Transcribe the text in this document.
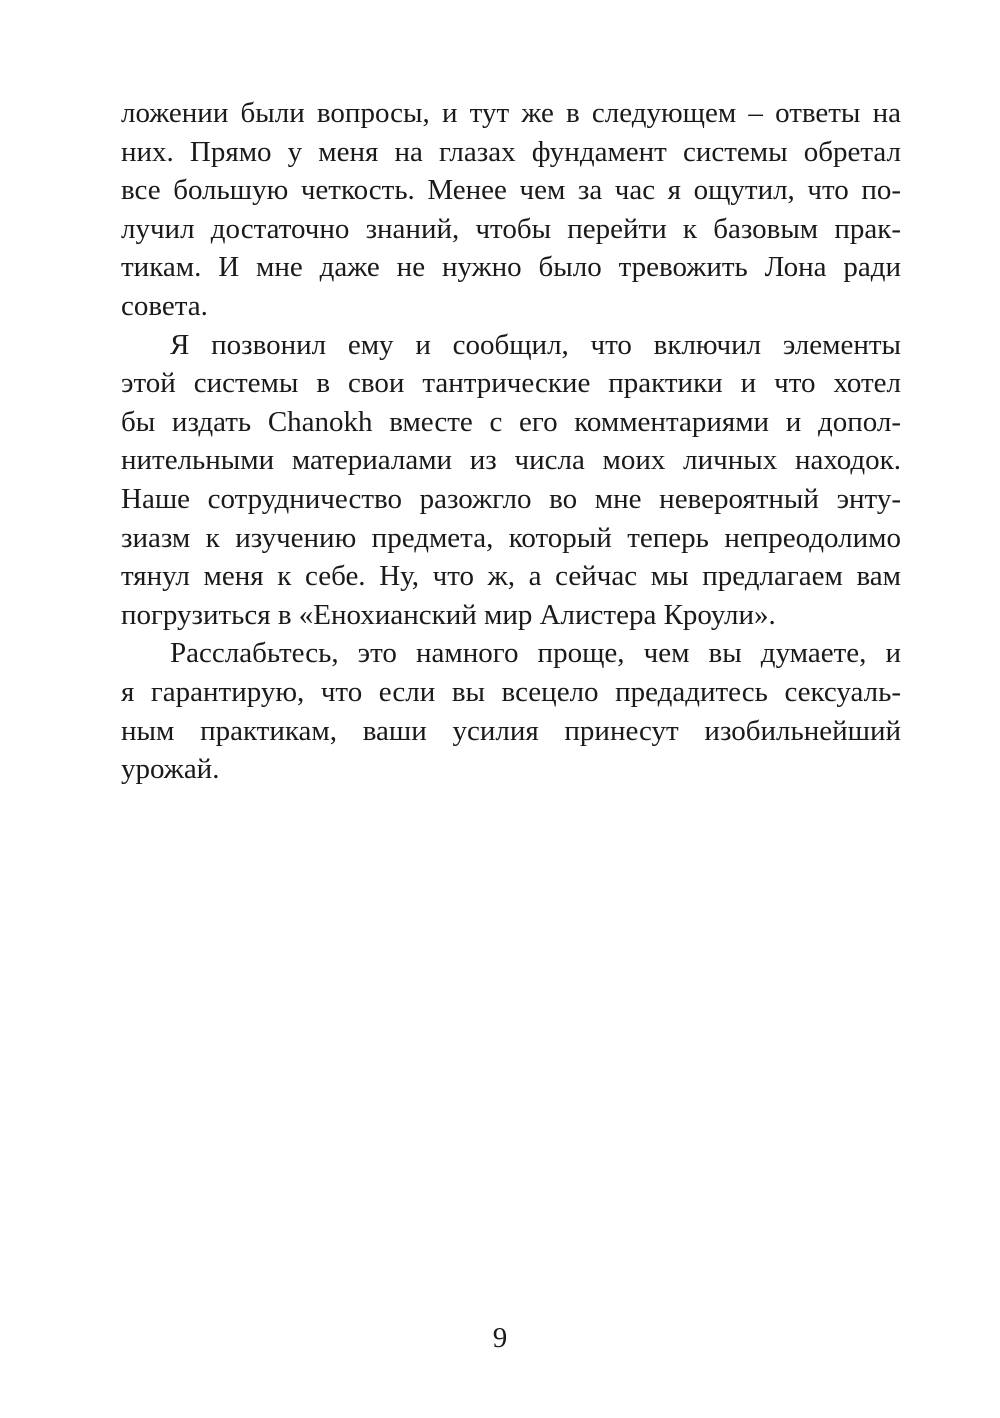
ложении были вопросы, и тут же в следующем – ответы на
них. Прямо у меня на глазах фундамент системы обретал
все большую четкость. Менее чем за час я ощутил, что по-
лучил достаточно знаний, чтобы перейти к базовым прак-
тикам. И мне даже не нужно было тревожить Лона ради
совета.
Я позвонил ему и сообщил, что включил элементы
этой системы в свои тантрические практики и что хотел
бы издать Chanokh вместе с его комментариями и допол-
нительными материалами из числа моих личных находок.
Наше сотрудничество разожгло во мне невероятный энту-
зиазм к изучению предмета, который теперь непреодолимо
тянул меня к себе. Ну, что ж, а сейчас мы предлагаем вам
погрузиться в «Енохианский мир Алистера Кроули».
Расслабьтесь, это намного проще, чем вы думаете, и
я гарантирую, что если вы всецело предадитесь сексуаль-
ным практикам, ваши усилия принесут изобильнейший
урожай.
9
